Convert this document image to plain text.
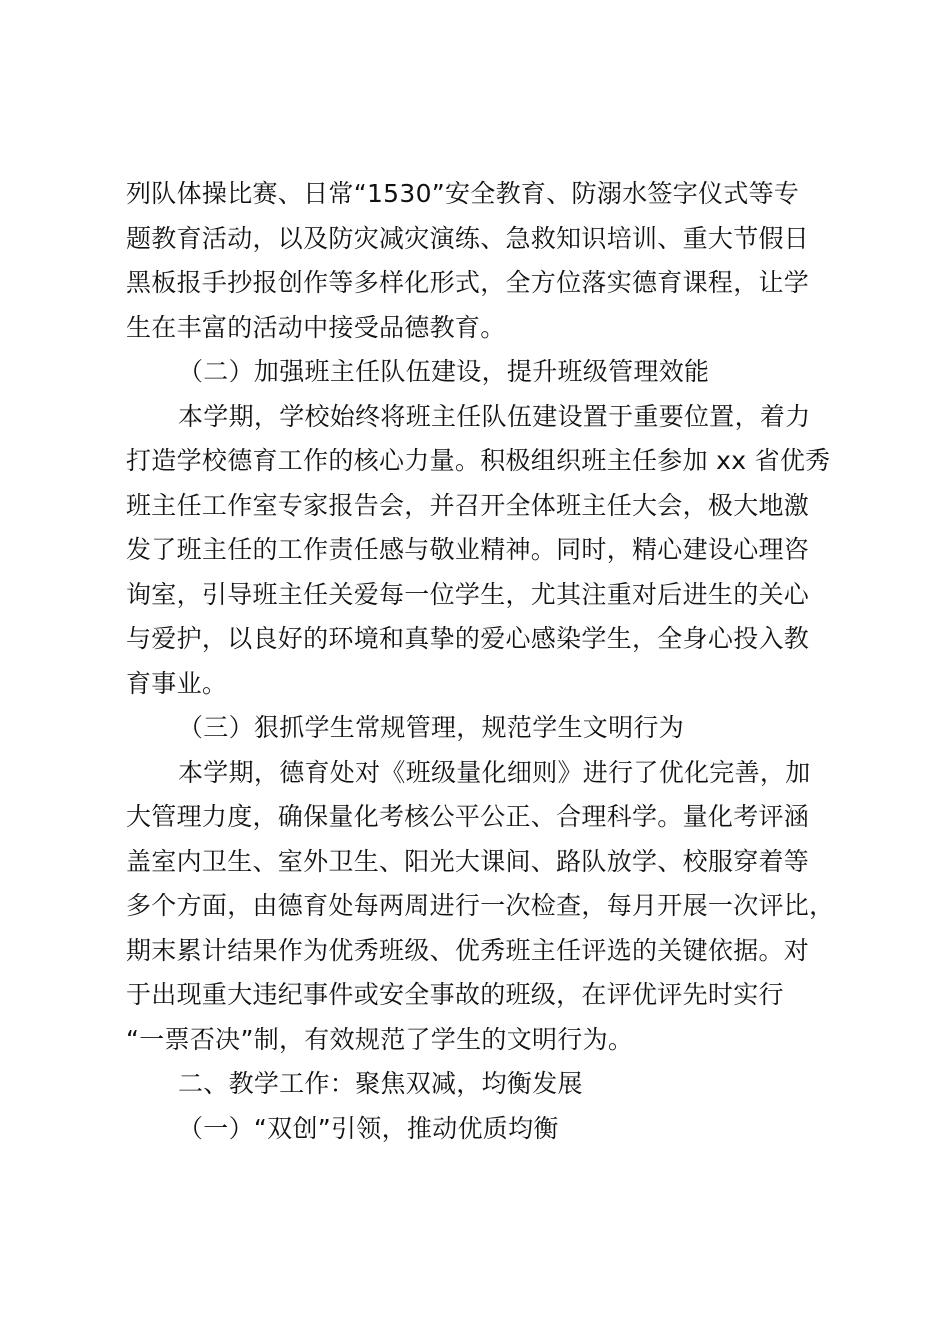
列队体操比赛、日常“1530”安全教育、防溺水签字仪式等专
题教育活动，以及防灾减灾演练、急救知识培训、重大节假日
黑板报手抄报创作等多样化形式，全方位落实德育课程，让学
生在丰富的活动中接受品德教育。
（二）加强班主任队伍建设，提升班级管理效能
本学期，学校始终将班主任队伍建设置于重要位置，着力
打造学校德育工作的核心力量。积极组织班主任参加 xx 省优秀
班主任工作室专家报告会，并召开全体班主任大会，极大地激
发了班主任的工作责任感与敬业精神。同时，精心建设心理咨
询室，引导班主任关爱每一位学生，尤其注重对后进生的关心
与爱护，以良好的环境和真挚的爱心感染学生，全身心投入教
育事业。
（三）狠抓学生常规管理，规范学生文明行为
本学期，德育处对《班级量化细则》进行了优化完善，加
大管理力度，确保量化考核公平公正、合理科学。量化考评涵
盖室内卫生、室外卫生、阳光大课间、路队放学、校服穿着等
多个方面，由德育处每两周进行一次检查，每月开展一次评比，
期末累计结果作为优秀班级、优秀班主任评选的关键依据。对
于出现重大违纪事件或安全事故的班级，在评优评先时实行
“一票否决”制，有效规范了学生的文明行为。
二、教学工作：聚焦双减，均衡发展
（一）“双创”引领，推动优质均衡
